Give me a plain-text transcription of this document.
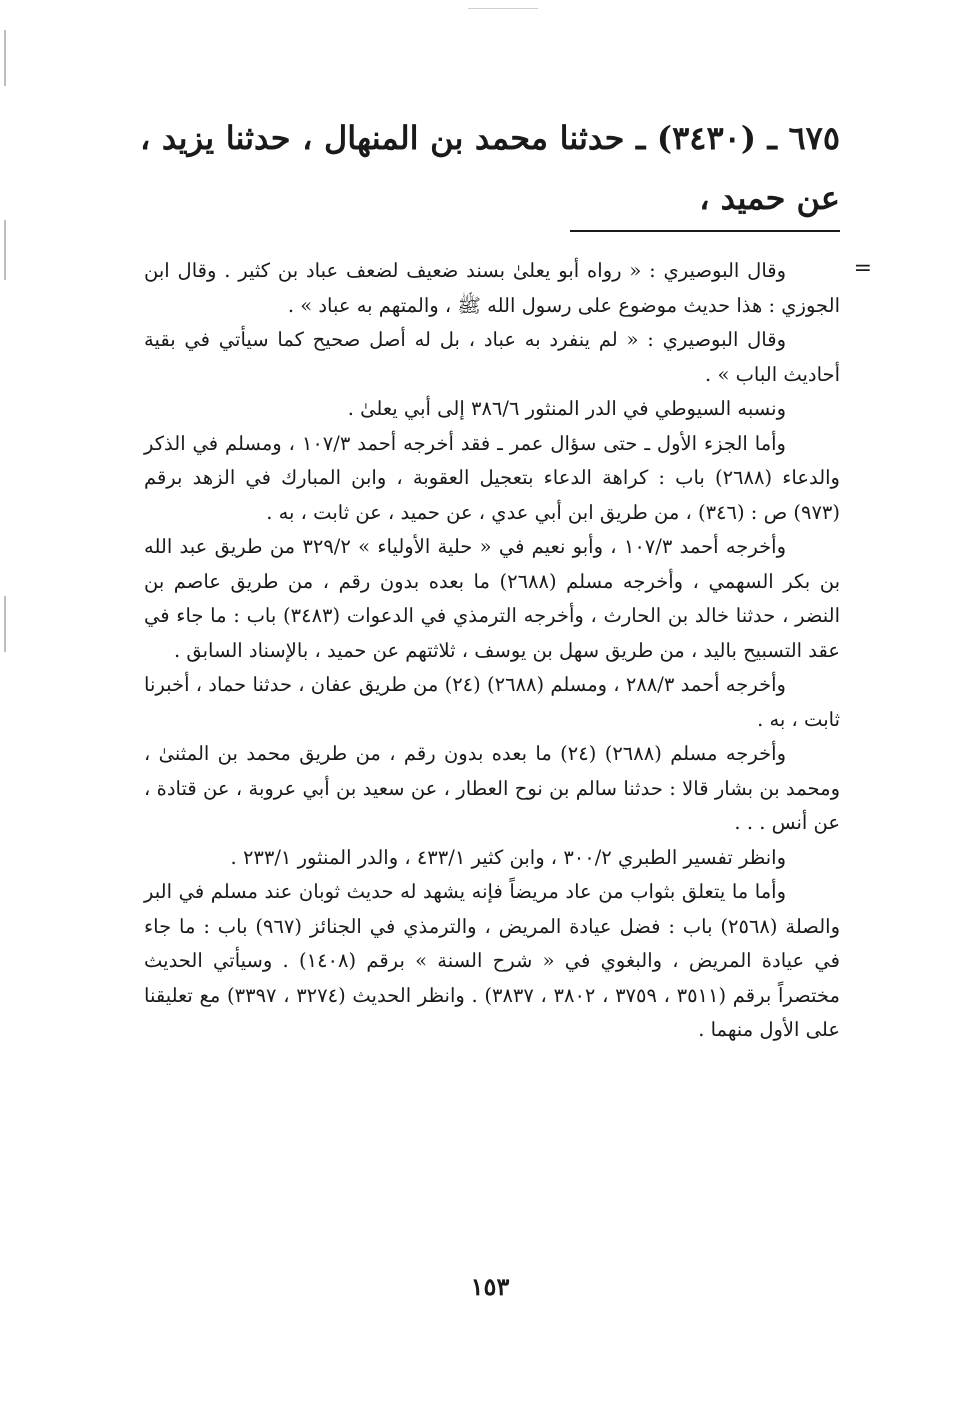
٦٧٥ ـ (٣٤٣٠) ـ حدثنا محمد بن المنهال ، حدثنا يزيد ، عن حميد ،

=

وقال البوصيري : « رواه أبو يعلىٰ بسند ضعيف لضعف عباد بن كثير . وقال ابن الجوزي : هذا حديث موضوع على رسول الله ﷺ ، والمتهم به عباد » .

وقال البوصيري : « لم ينفرد به عباد ، بل له أصل صحيح كما سيأتي في بقية أحاديث الباب » .

ونسبه السيوطي في الدر المنثور ٣٨٦/٦ إلى أبي يعلىٰ .

وأما الجزء الأول ـ حتى سؤال عمر ـ فقد أخرجه أحمد ١٠٧/٣ ، ومسلم في الذكر والدعاء (٢٦٨٨) باب : كراهة الدعاء بتعجيل العقوبة ، وابن المبارك في الزهد برقم (٩٧٣) ص : (٣٤٦) ، من طريق ابن أبي عدي ، عن حميد ، عن ثابت ، به .

وأخرجه أحمد ١٠٧/٣ ، وأبو نعيم في « حلية الأولياء » ٣٢٩/٢ من طريق عبد الله بن بكر السهمي ، وأخرجه مسلم (٢٦٨٨) ما بعده بدون رقم ، من طريق عاصم بن النضر ، حدثنا خالد بن الحارث ، وأخرجه الترمذي في الدعوات (٣٤٨٣) باب : ما جاء في عقد التسبيح باليد ، من طريق سهل بن يوسف ، ثلاثتهم عن حميد ، بالإسناد السابق .

وأخرجه أحمد ٢٨٨/٣ ، ومسلم (٢٦٨٨) (٢٤) من طريق عفان ، حدثنا حماد ، أخبرنا ثابت ، به .

وأخرجه مسلم (٢٦٨٨) (٢٤) ما بعده بدون رقم ، من طريق محمد بن المثنىٰ ، ومحمد بن بشار قالا : حدثنا سالم بن نوح العطار ، عن سعيد بن أبي عروبة ، عن قتادة ، عن أنس . . .

وانظر تفسير الطبري ٣٠٠/٢ ، وابن كثير ٤٣٣/١ ، والدر المنثور ٢٣٣/١ .

وأما ما يتعلق بثواب من عاد مريضاً فإنه يشهد له حديث ثوبان عند مسلم في البر والصلة (٢٥٦٨) باب : فضل عيادة المريض ، والترمذي في الجنائز (٩٦٧) باب : ما جاء في عيادة المريض ، والبغوي في « شرح السنة » برقم (١٤٠٨) . وسيأتي الحديث مختصراً برقم (٣٥١١ ، ٣٧٥٩ ، ٣٨٠٢ ، ٣٨٣٧) . وانظر الحديث (٣٢٧٤ ، ٣٣٩٧) مع تعليقنا على الأول منهما .

١٥٣
